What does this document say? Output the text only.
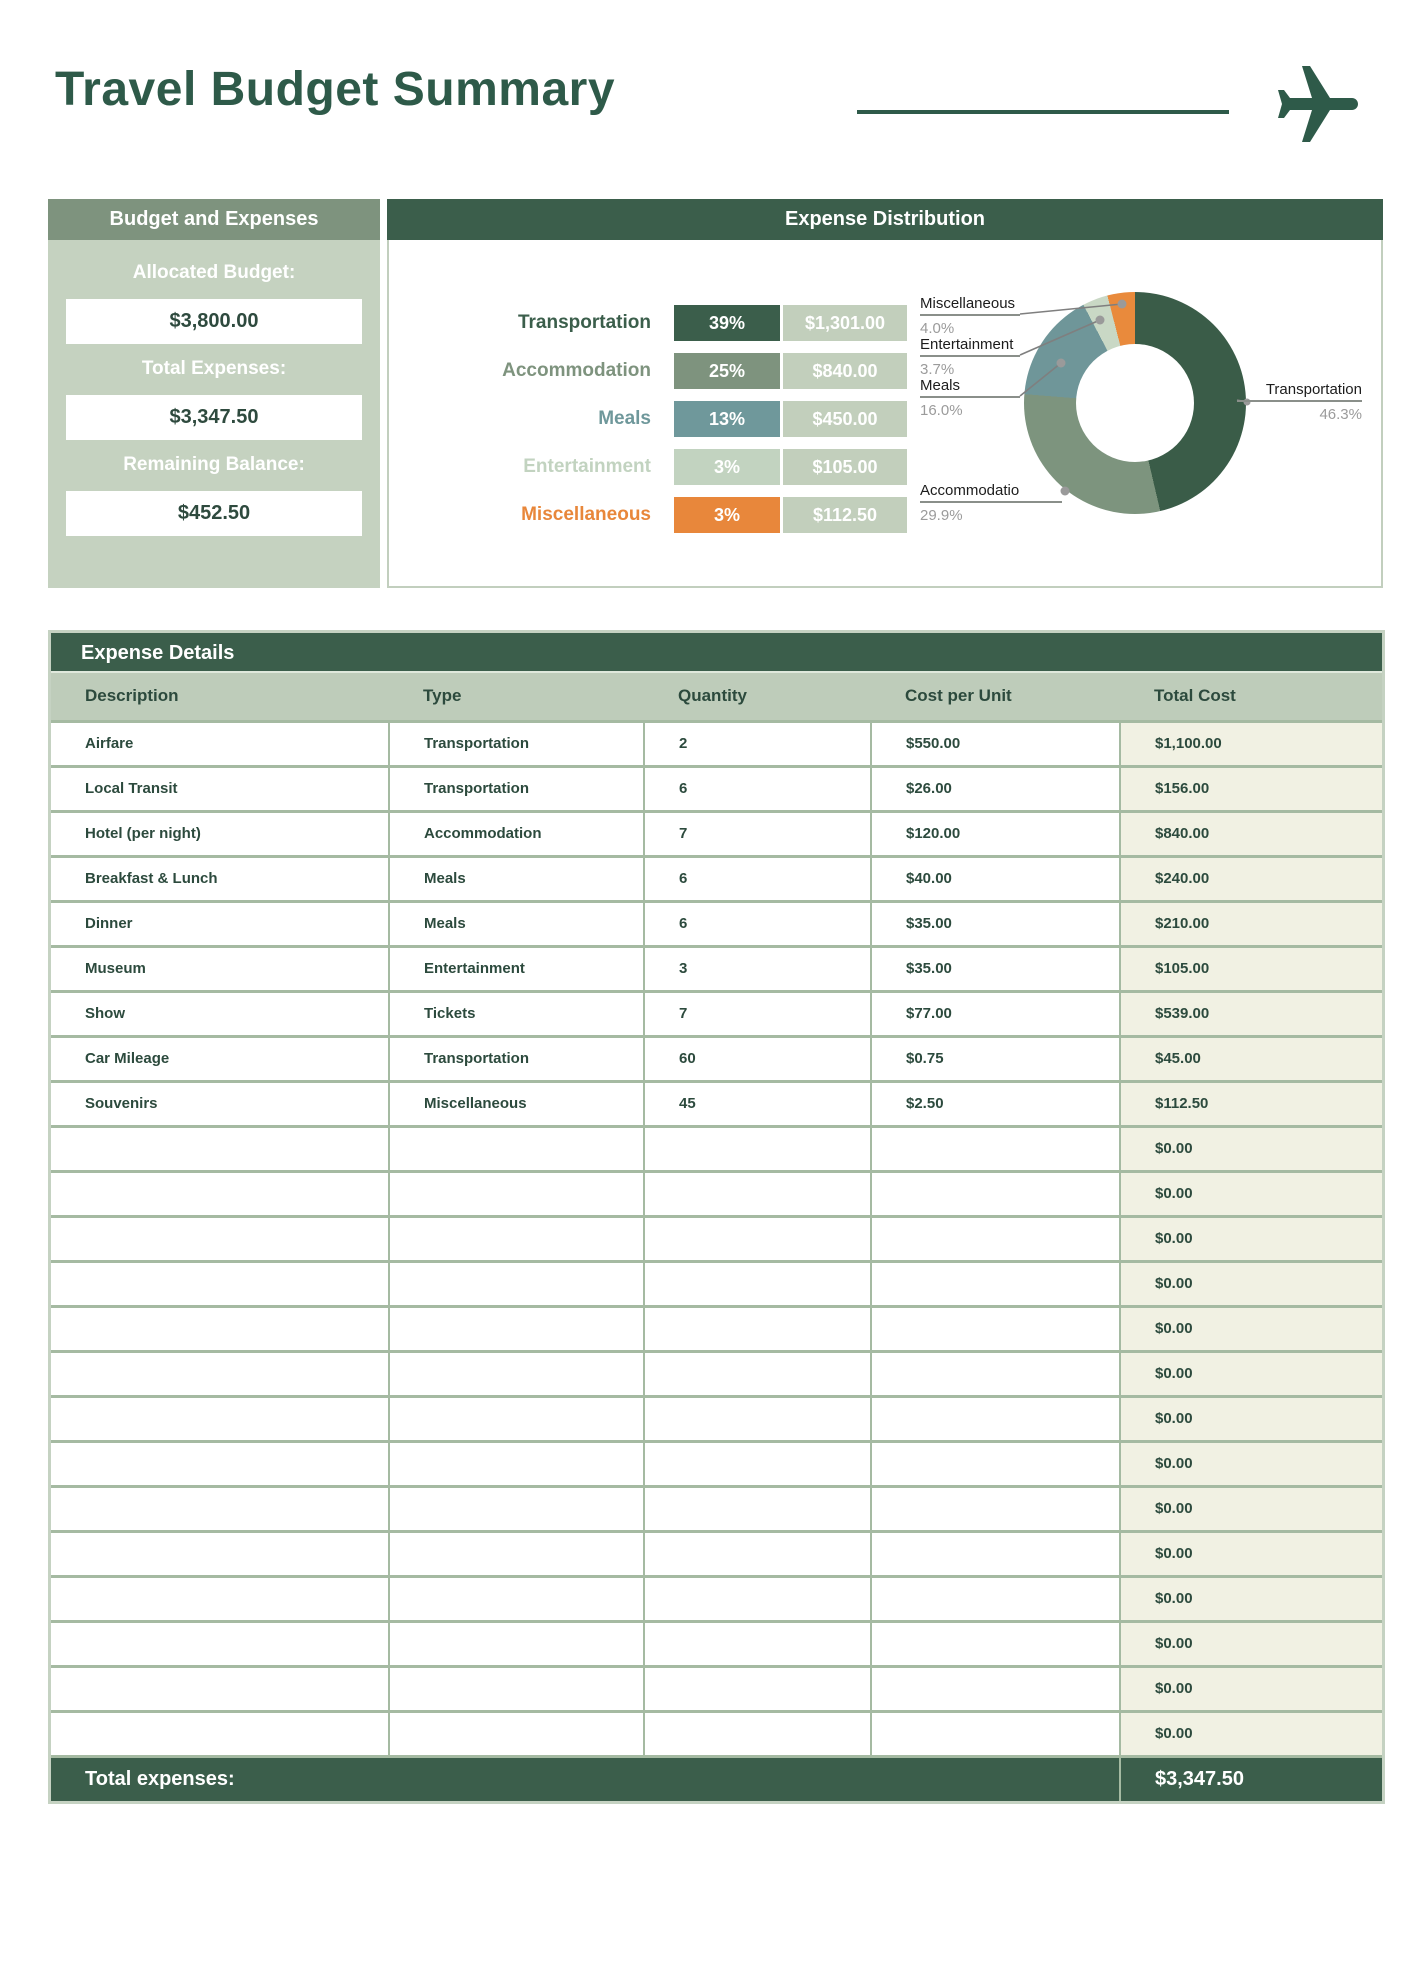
Travel Budget Summary
Budget and Expenses
Allocated Budget:
$3,800.00
Total Expenses:
$3,347.50
Remaining Balance:
$452.50
Expense Distribution
Transportation	39%	$1,301.00
Accommodation	25%	$840.00
Meals	13%	$450.00
Entertainment	3%	$105.00
Miscellaneous	3%	$112.50
Miscellaneous
4.0%
Entertainment
3.7%
Meals
16.0%
Transportation
46.3%
Accommodatio
29.9%
Expense Details
Description	Type	Quantity	Cost per Unit	Total Cost
Airfare	Transportation	2	$550.00	$1,100.00
Local Transit	Transportation	6	$26.00	$156.00
Hotel (per night)	Accommodation	7	$120.00	$840.00
Breakfast & Lunch	Meals	6	$40.00	$240.00
Dinner	Meals	6	$35.00	$210.00
Museum	Entertainment	3	$35.00	$105.00
Show	Tickets	7	$77.00	$539.00
Car Mileage	Transportation	60	$0.75	$45.00
Souvenirs	Miscellaneous	45	$2.50	$112.50
				$0.00
				$0.00
				$0.00
				$0.00
				$0.00
				$0.00
				$0.00
				$0.00
				$0.00
				$0.00
				$0.00
				$0.00
				$0.00
				$0.00
Total expenses:				$3,347.50
